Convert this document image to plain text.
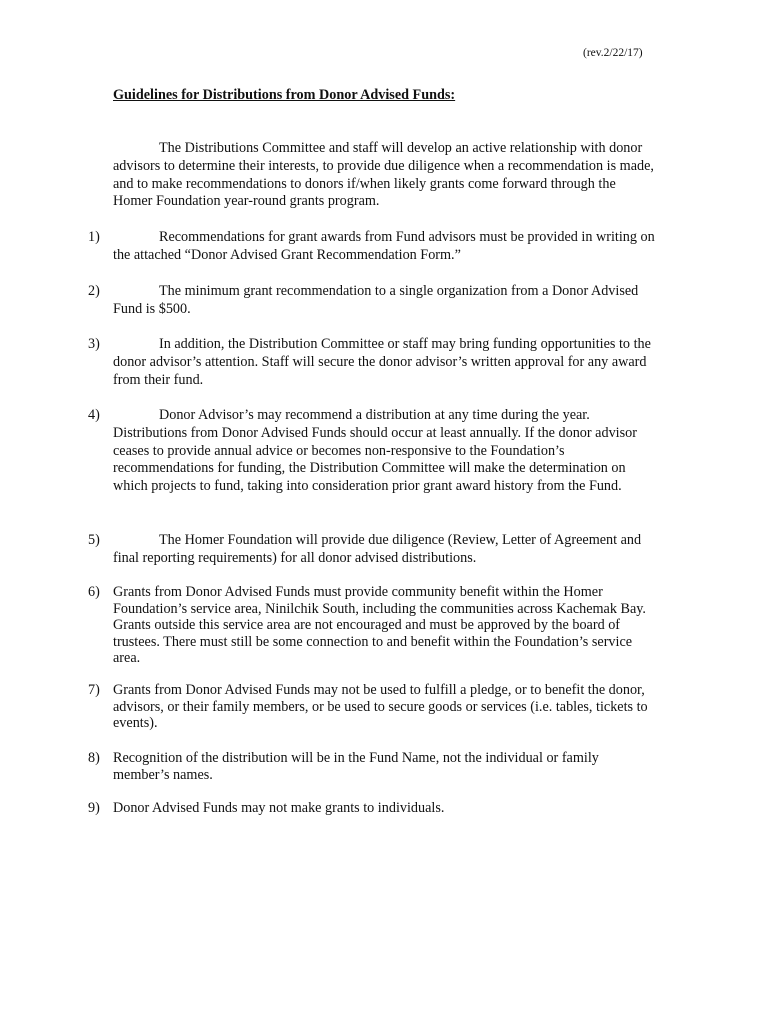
(rev.2/22/17)
Guidelines for Distributions from Donor Advised Funds:

The Distributions Committee and staff will develop an active relationship with donor advisors to determine their interests, to provide due diligence when a recommendation is made, and to make recommendations to donors if/when likely grants come forward through the Homer Foundation year-round grants program.

1)	Recommendations for grant awards from Fund advisors must be provided in writing on the attached “Donor Advised Grant Recommendation Form.”
2)	The minimum grant recommendation to a single organization from a Donor Advised Fund is $500.
3)	In addition, the Distribution Committee or staff may bring funding opportunities to the donor advisor’s attention. Staff will secure the donor advisor’s written approval for any award from their fund.
4)	Donor Advisor’s may recommend a distribution at any time during the year. Distributions from Donor Advised Funds should occur at least annually. If the donor advisor ceases to provide annual advice or becomes non-responsive to the Foundation’s recommendations for funding, the Distribution Committee will make the determination on which projects to fund, taking into consideration prior grant award history from the Fund.
5)	The Homer Foundation will provide due diligence (Review, Letter of Agreement and final reporting requirements) for all donor advised distributions.
6) Grants from Donor Advised Funds must provide community benefit within the Homer Foundation’s service area, Ninilchik South, including the communities across Kachemak Bay. Grants outside this service area are not encouraged and must be approved by the board of trustees. There must still be some connection to and benefit within the Foundation’s service area.
7) Grants from Donor Advised Funds may not be used to fulfill a pledge, or to benefit the donor, advisors, or their family members, or be used to secure goods or services (i.e. tables, tickets to events).
8) Recognition of the distribution will be in the Fund Name, not the individual or family member’s names.
9) Donor Advised Funds may not make grants to individuals.
